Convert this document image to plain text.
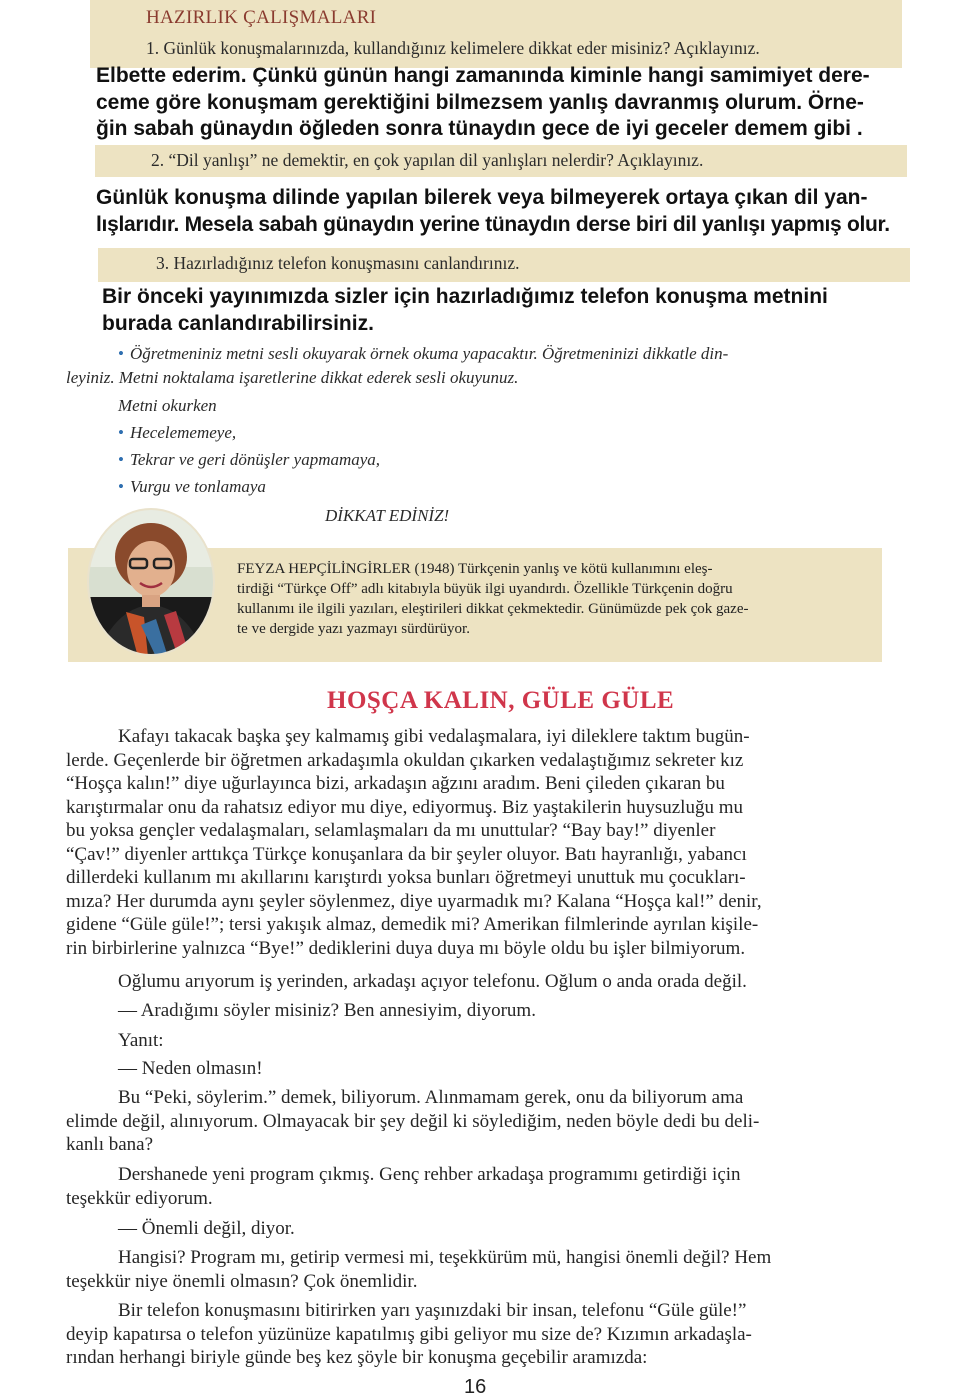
HAZIRLIK ÇALIŞMALARI
1. Günlük konuşmalarınızda, kullandığınız kelimelere dikkat eder misiniz? Açıklayınız.
Elbette ederim. Çünkü günün hangi zamanında kiminle hangi samimiyet dere-
ceme göre konuşmam gerektiğini bilmezsem yanlış davranmış olurum. Örne-
ğin sabah günaydın öğleden sonra tünaydın gece de iyi geceler demem gibi .
2. “Dil yanlışı” ne demektir, en çok yapılan dil yanlışları nelerdir? Açıklayınız.
Günlük konuşma dilinde yapılan bilerek veya bilmeyerek ortaya çıkan dil yan-
lışlarıdır. Mesela sabah günaydın yerine tünaydın derse biri dil yanlışı yapmış olur.
3. Hazırladığınız telefon konuşmasını canlandırınız.
Bir önceki yayınımızda sizler için hazırladığımız telefon konuşma metnini
burada canlandırabilirsiniz.
• Öğretmeniniz metni sesli okuyarak örnek okuma yapacaktır. Öğretmeninizi dikkatle din-
leyiniz. Metni noktalama işaretlerine dikkat ederek sesli okuyunuz.
Metni okurken
• Hecelememeye,
• Tekrar ve geri dönüşler yapmamaya,
• Vurgu ve tonlamaya
DİKKAT EDİNİZ!
FEYZA HEPÇİLİNGİRLER (1948) Türkçenin yanlış ve kötü kullanımını eleş-
tirdiği “Türkçe Off” adlı kitabıyla büyük ilgi uyandırdı. Özellikle Türkçenin doğru
kullanımı ile ilgili yazıları, eleştirileri dikkat çekmektedir. Günümüzde pek çok gaze-
te ve dergide yazı yazmayı sürdürüyor.
HOŞÇA KALIN, GÜLE GÜLE
Kafayı takacak başka şey kalmamış gibi vedalaşmalara, iyi dileklere taktım bugün-
lerde. Geçenlerde bir öğretmen arkadaşımla okuldan çıkarken vedalaştığımız sekreter kız
“Hoşça kalın!” diye uğurlayınca bizi, arkadaşın ağzını aradım. Beni çileden çıkaran bu
karıştırmalar onu da rahatsız ediyor mu diye, ediyormuş. Biz yaştakilerin huysuzluğu mu
bu yoksa gençler vedalaşmaları, selamlaşmaları da mı unuttular? “Bay bay!” diyenler
“Çav!” diyenler arttıkça Türkçe konuşanlara da bir şeyler oluyor. Batı hayranlığı, yabancı
dillerdeki kullanım mı akıllarını karıştırdı yoksa bunları öğretmeyi unuttuk mu çocukları-
mıza? Her durumda aynı şeyler söylenmez, diye uyarmadık mı? Kalana “Hoşça kal!” denir,
gidene “Güle güle!”; tersi yakışık almaz, demedik mi? Amerikan filmlerinde ayrılan kişile-
rin birbirlerine yalnızca “Bye!” dediklerini duya duya mı böyle oldu bu işler bilmiyorum.
Oğlumu arıyorum iş yerinden, arkadaşı açıyor telefonu. Oğlum o anda orada değil.
— Aradığımı söyler misiniz? Ben annesiyim, diyorum.
Yanıt:
— Neden olmasın!
Bu “Peki, söylerim.” demek, biliyorum. Alınmamam gerek, onu da biliyorum ama
elimde değil, alınıyorum. Olmayacak bir şey değil ki söylediğim, neden böyle dedi bu deli-
kanlı bana?
Dershanede yeni program çıkmış. Genç rehber arkadaşa programımı getirdiği için
teşekkür ediyorum.
— Önemli değil, diyor.
Hangisi? Program mı, getirip vermesi mi, teşekkürüm mü, hangisi önemli değil? Hem
teşekkür niye önemli olmasın? Çok önemlidir.
Bir telefon konuşmasını bitirirken yarı yaşınızdaki bir insan, telefonu “Güle güle!”
deyip kapatırsa o telefon yüzünüze kapatılmış gibi geliyor mu size de? Kızımın arkadaşla-
rından herhangi biriyle günde beş kez şöyle bir konuşma geçebilir aramızda:
16
